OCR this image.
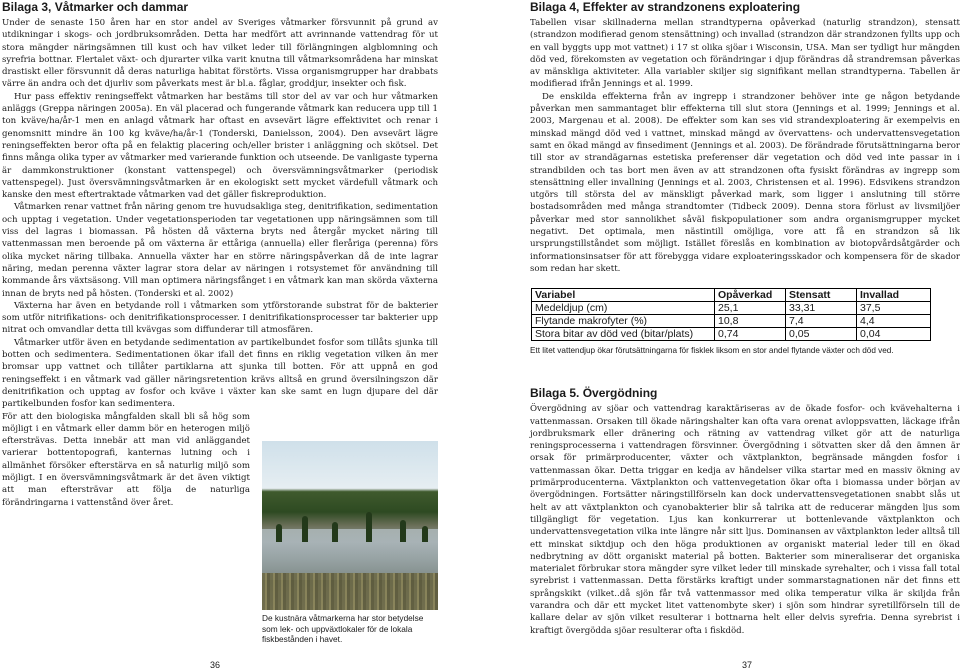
Bilaga 3, Våtmarker och dammar

Under de senaste 150 åren har en stor andel av Sveriges våtmarker försvunnit på grund av utdikningar i skogs- och jordbruksområden. Detta har medfört att avrinnande vattendrag för ut stora mängder näringsämnen till kust och hav vilket leder till förlängningen algblomning och syrefria bottnar. Flertalet växt- och djurarter vilka varit knutna till våtmarksområdena har minskat drastiskt eller försvunnit då deras naturliga habitat förstörts. Vissa organismgrupper har drabbats värre än andra och det djurliv som påverkats mest är bl.a. fåglar, groddjur, insekter och fisk.

Hur pass effektiv reningseffekt våtmarken har bestäms till stor del av var och hur våtmarken anläggs (Greppa näringen 2005a). En väl placerad och fungerande våtmark kan reducera upp till 1 ton kväve/ha/år-1 men en anlagd våtmark har oftast en avsevärt lägre effektivitet och renar i genomsnitt mindre än 100 kg kväve/ha/år-1 (Tonderski, Danielsson, 2004). Den avsevärt lägre reningseffekten beror ofta på en felaktig placering och/eller brister i anläggning och skötsel. Det finns många olika typer av våtmarker med varierande funktion och utseende. De vanligaste typerna är dammkonstruktioner (konstant vattenspegel) och översvämningsvåtmarker (periodisk vattenspegel). Just översvämningsvåtmarken är en ekologiskt sett mycket värdefull våtmark och kanske den mest eftertraktade våtmarken vad det gäller fiskreproduktion.

Våtmarken renar vattnet från näring genom tre huvudsakliga steg, denitrifikation, sedimentation och upptag i vegetation. Under vegetationsperioden tar vegetationen upp näringsämnen som till viss del lagras i biomassan. På hösten då växterna bryts ned återgår mycket näring till vattenmassan men beroende på om växterna är ettåriga (annuella) eller fleråriga (perenna) förs olika mycket näring tillbaka. Annuella växter har en större näringspåverkan då de inte lagrar näring, medan perenna växter lagrar stora delar av näringen i rotsystemet för användning till kommande års växtsäsong. Vill man optimera näringsfånget i en våtmark kan man skörda växterna innan de bryts ned på hösten. (Tonderski et al. 2002)

Växterna har även en betydande roll i våtmarken som ytförstorande substrat för de bakterier som utför nitrifikations- och denitrifikationsprocesser. I denitrifikationsprocesser tar bakterier upp nitrat och omvandlar detta till kvävgas som diffunderar till atmosfären.

Våtmarker utför även en betydande sedimentation av partikelbundet fosfor som tillåts sjunka till botten och sedimentera. Sedimentationen ökar ifall det finns en riklig vegetation vilken än mer bromsar upp vattnet och tillåter partiklarna att sjunka till botten. För att uppnå en god reningseffekt i en våtmark vad gäller näringsretention krävs alltså en grund översilningszon där denitrifikation och upptag av fosfor och kväve i växter kan ske samt en lugn djupare del där partikelbunden fosfor kan sedimentera.

För att den biologiska mångfalden skall bli så hög som möjligt i en våtmark eller damm bör en heterogen miljö eftersträvas. Detta innebär att man vid anläggandet varierar bottentopografi, kanternas lutning och i allmänhet försöker efterstärva en så naturlig miljö som möjligt. I en översvämningsvåtmark är det även viktigt att man eftersträvar att följa de naturliga förändringarna i vattenstånd över året.

De kustnära våtmarkerna har stor betydelse som lek- och uppväxtlokaler för de lokala fiskbestånden i havet.
36
Bilaga 4, Effekter av strandzonens exploatering

Tabellen visar skillnaderna mellan strandtyperna opåverkad (naturlig strandzon), stensatt (strandzon modifierad genom stensättning) och invallad (strandzon där strandzonen fyllts upp och en vall byggts upp mot vattnet) i 17 st olika sjöar i Wisconsin, USA. Man ser tydligt hur mängden död ved, förekomsten av vegetation och förändringar i djup förändras då strandremsan påverkas av mänskliga aktiviteter. Alla variabler skiljer sig signifikant mellan strandtyperna. Tabellen är modifierad ifrån Jennings et al. 1999.

De enskilda effekterna från av ingrepp i strandzoner behöver inte ge någon betydande påverkan men sammantaget blir effekterna till slut stora (Jennings et al. 1999; Jennings et al. 2003, Margenau et al. 2008). De effekter som kan ses vid strandexploatering är exempelvis en minskad mängd död ved i vattnet, minskad mängd av övervattens- och undervattensvegetation samt en ökad mängd av finsediment (Jennings et al. 2003). De förändrade förutsättningarna beror till stor av strandägarnas estetiska preferenser där vegetation och död ved inte passar in i strandbilden och tas bort men även av att strandzonen ofta fysiskt förändras av ingrepp som stensättning eller invallning (Jennings et al. 2003, Christensen et al. 1996). Edsvikens strandzon utgörs till största del av mänskligt påverkad mark, som ligger i anslutning till större bostadsområden med många strandtomter (Tidbeck 2009). Denna stora förlust av livsmiljöer påverkar med stor sannolikhet såväl fiskpopulationer som andra organismgrupper mycket negativt. Det optimala, men nästintill omöjliga, vore att få en strandzon så lik ursprungstillståndet som möjligt. Istället föreslås en kombination av biotopvårdsåtgärder och informationsinsatser för att förebygga vidare exploateringsskador och kompensera för de skador som redan har skett.

Variabel	Opåverkad	Stensatt	Invallad
Medeldjup (cm)	25,1	33,31	37,5
Flytande makrofyter (%)	10,8	7,4	4,4
Stora bitar av död ved (bitar/plats)	0,74	0,05	0,04
Ett litet vattendjup ökar förutsättningarna för fisklek liksom en stor andel flytande växter och död ved.
Bilaga 5. Övergödning

Övergödning av sjöar och vattendrag karaktäriseras av de ökade fosfor- och kvävehalterna i vattenmassan. Orsaken till ökade näringshalter kan ofta vara orenat avloppsvatten, läckage ifrån jordbruksmark eller dränering och rätning av vattendrag vilket gör att de naturliga reningsprocesserna i vattendragen försvinner. Övergödning i sötvatten sker då den ämnen är orsak för primärproducenter, växter och växtplankton, begränsade mängden fosfor i vattenmassan ökar. Detta triggar en kedja av händelser vilka startar med en massiv ökning av primärproducenterna. Växtplankton och vattenvegetation ökar ofta i biomassa under början av övergödningen. Fortsätter näringstillförseln kan dock undervattensvegetationen snabbt slås ut helt av att växtplankton och cyanobakterier blir så talrika att de reducerar mängden ljus som tillgängligt för vegetation. Ljus kan konkurrerar ut bottenlevande växtplankton och undervattensvegetation vilka inte längre når sitt ljus. Dominansen av växtplankton leder alltså till ett minskat siktdjup och den höga produktionen av organiskt material leder till en ökad nedbrytning av dött organiskt material på botten. Bakterier som mineraliserar det organiska materialet förbrukar stora mängder syre vilket leder till minskade syrehalter, och i vissa fall total syrebrist i vattenmassan. Detta förstärks kraftigt under sommarstagnationen när det finns ett språngskikt (vilket..då sjön får två vattenmassor med olika temperatur vilka är skiljda från varandra och där ett mycket litet vattenombyte sker) i sjön som hindrar syretillförseln till de kallare delar av sjön vilket resulterar i bottnarna helt eller delvis syrefria. Denna syrebrist i kraftigt övergödda sjöar resulterar ofta i fiskdöd.

37
